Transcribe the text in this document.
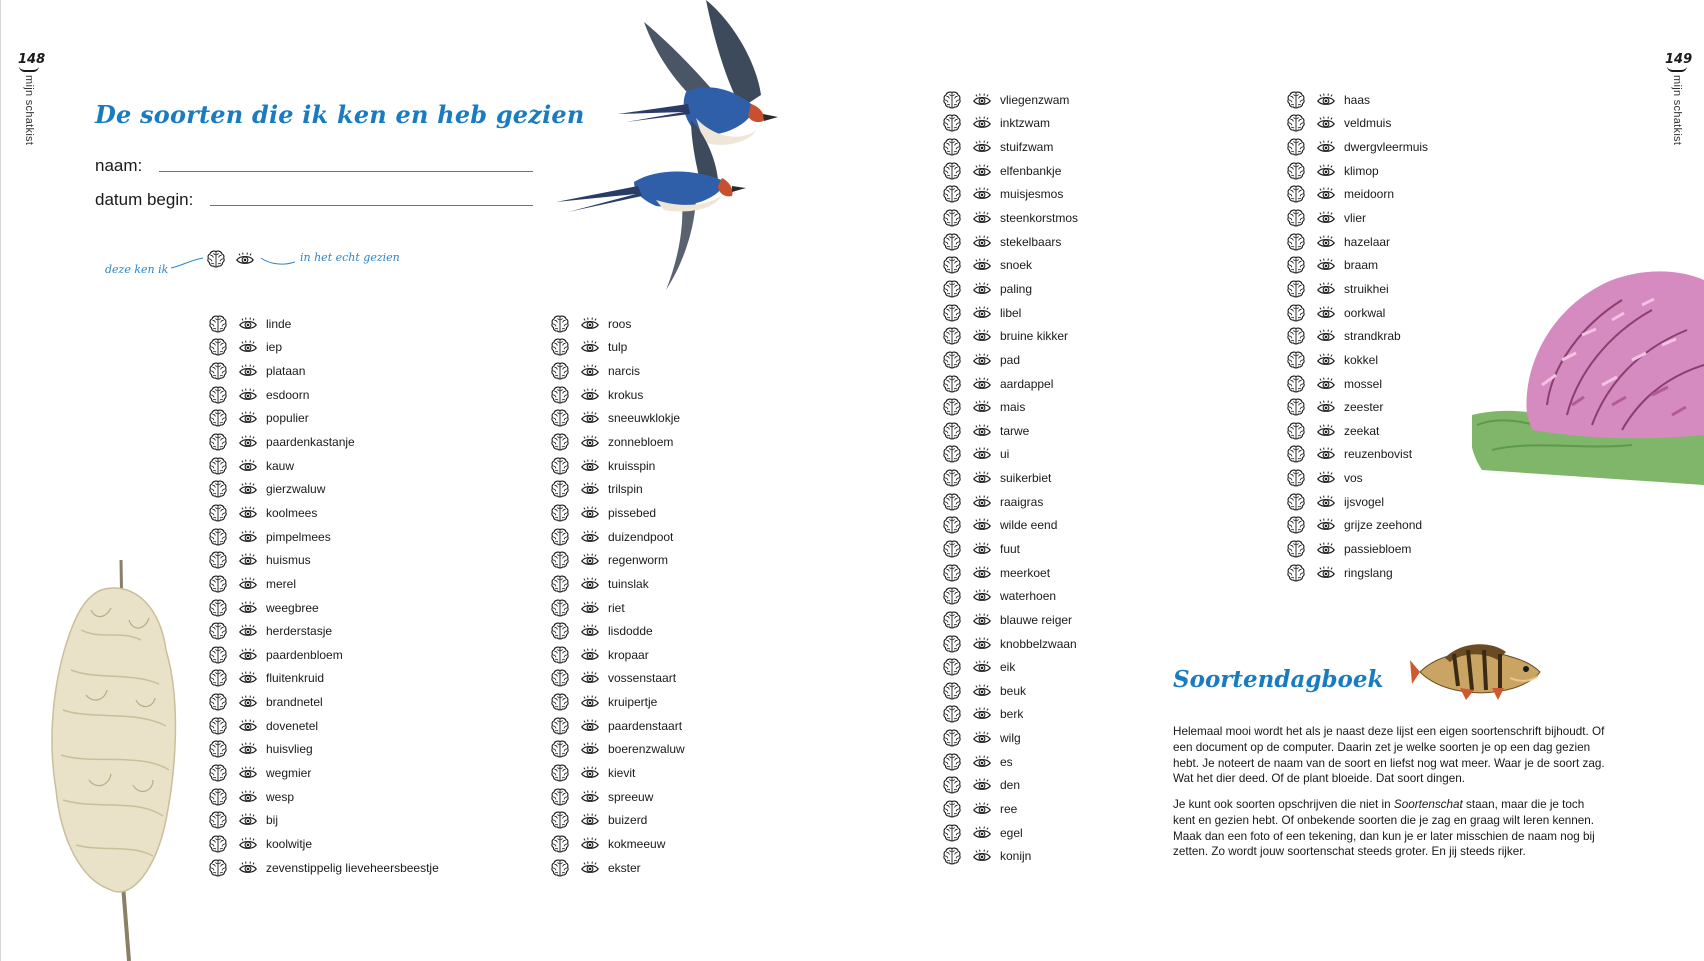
148
mijn schatkist	De soorten die ik ken en heb gezien
naam:
datum begin:
deze ken ik
in het echt gezien
linde
iep
plataan
esdoorn
populier
paardenkastanje
kauw
gierzwaluw
koolmees
pimpelmees
huismus
merel
weegbree
herderstasje
paardenbloem
fluitenkruid
brandnetel
dovenetel
huisvlieg
wegmier
wesp
bij
koolwitje
zevenstippelig lieveheersbeestje
roos
tulp
narcis
krokus
sneeuwklokje
zonnebloem
kruisspin
trilspin
pissebed
duizendpoot
regenworm
tuinslak
riet
lisdodde
kropaar
vossenstaart
kruipertje
paardenstaart
boerenzwaluw
kievit
spreeuw
buizerd
kokmeeuw
ekster
149
mijn schatkist
vliegenzwam
inktzwam
stuifzwam
elfenbankje
muisjesmos
steenkorstmos
stekelbaars
snoek
paling
libel
bruine kikker
pad
aardappel
mais
tarwe
ui
suikerbiet
raaigras
wilde eend
fuut
meerkoet
waterhoen
blauwe reiger
knobbelzwaan
eik
beuk
berk
wilg
es
den
ree
egel
konijn
haas
veldmuis
dwergvleermuis
klimop
meidoorn
vlier
hazelaar
braam
struikhei
oorkwal
strandkrab
kokkel
mossel
zeester
zeekat
reuzenbovist
vos
ijsvogel
grijze zeehond
passiebloem
ringslang
Soortendagboek

Helemaal mooi wordt het als je naast deze lijst een eigen soortenschrift bijhoudt. Of een document op de computer. Daarin zet je welke soorten je op een dag gezien hebt. Je noteert de naam van de soort en liefst nog wat meer. Waar je de soort zag. Wat het dier deed. Of de plant bloeide. Dat soort dingen.

Je kunt ook soorten opschrijven die niet in Soortenschat staan, maar die je toch kent en gezien hebt. Of onbekende soorten die je zag en graag wilt leren kennen. Maak dan een foto of een tekening, dan kun je er later misschien de naam nog bij zetten. Zo wordt jouw soortenschat steeds groter. En jij steeds rijker.
